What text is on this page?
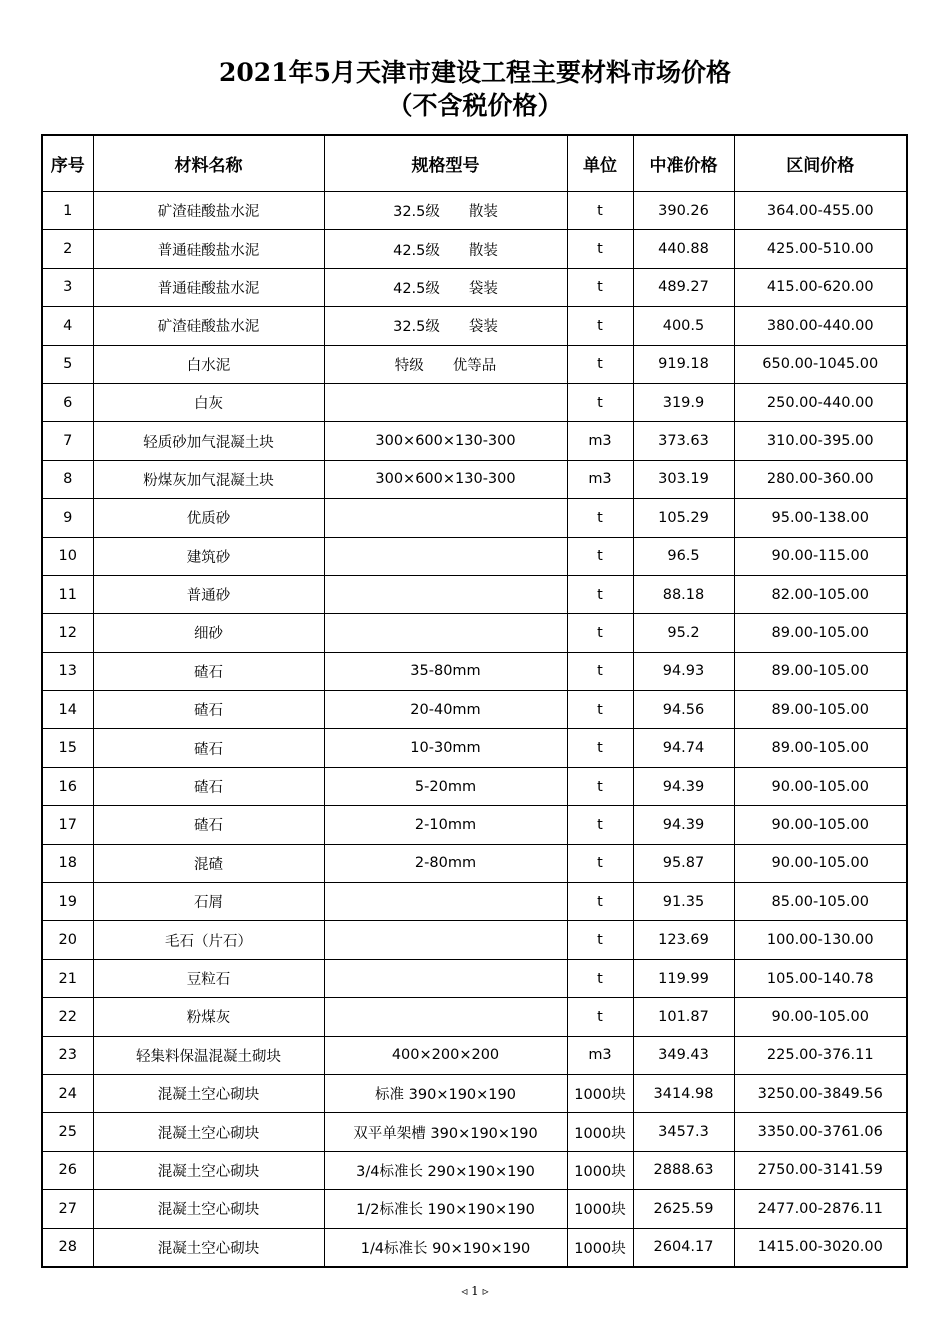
2021年5月天津市建设工程主要材料市场价格
（不含税价格）
序号	材料名称	规格型号	单位	中准价格	区间价格
1	矿渣硅酸盐水泥	32.5级　　散装	t	390.26	364.00-455.00
2	普通硅酸盐水泥	42.5级　　散装	t	440.88	425.00-510.00
3	普通硅酸盐水泥	42.5级　　袋装	t	489.27	415.00-620.00
4	矿渣硅酸盐水泥	32.5级　　袋装	t	400.5	380.00-440.00
5	白水泥	特级　　优等品	t	919.18	650.00-1045.00
6	白灰		t	319.9	250.00-440.00
7	轻质砂加气混凝土块	300×600×130-300	m3	373.63	310.00-395.00
8	粉煤灰加气混凝土块	300×600×130-300	m3	303.19	280.00-360.00
9	优质砂		t	105.29	95.00-138.00
10	建筑砂		t	96.5	90.00-115.00
11	普通砂		t	88.18	82.00-105.00
12	细砂		t	95.2	89.00-105.00
13	碴石	35-80mm	t	94.93	89.00-105.00
14	碴石	20-40mm	t	94.56	89.00-105.00
15	碴石	10-30mm	t	94.74	89.00-105.00
16	碴石	5-20mm	t	94.39	90.00-105.00
17	碴石	2-10mm	t	94.39	90.00-105.00
18	混碴	2-80mm	t	95.87	90.00-105.00
19	石屑		t	91.35	85.00-105.00
20	毛石（片石）		t	123.69	100.00-130.00
21	豆粒石		t	119.99	105.00-140.78
22	粉煤灰		t	101.87	90.00-105.00
23	轻集料保温混凝土砌块	400×200×200	m3	349.43	225.00-376.11
24	混凝土空心砌块	标准 390×190×190	1000块	3414.98	3250.00-3849.56
25	混凝土空心砌块	双平单架槽 390×190×190	1000块	3457.3	3350.00-3761.06
26	混凝土空心砌块	3/4标准长 290×190×190	1000块	2888.63	2750.00-3141.59
27	混凝土空心砌块	1/2标准长 190×190×190	1000块	2625.59	2477.00-2876.11
28	混凝土空心砌块	1/4标准长 90×190×190	1000块	2604.17	1415.00-3020.00
◃ 1 ▹
